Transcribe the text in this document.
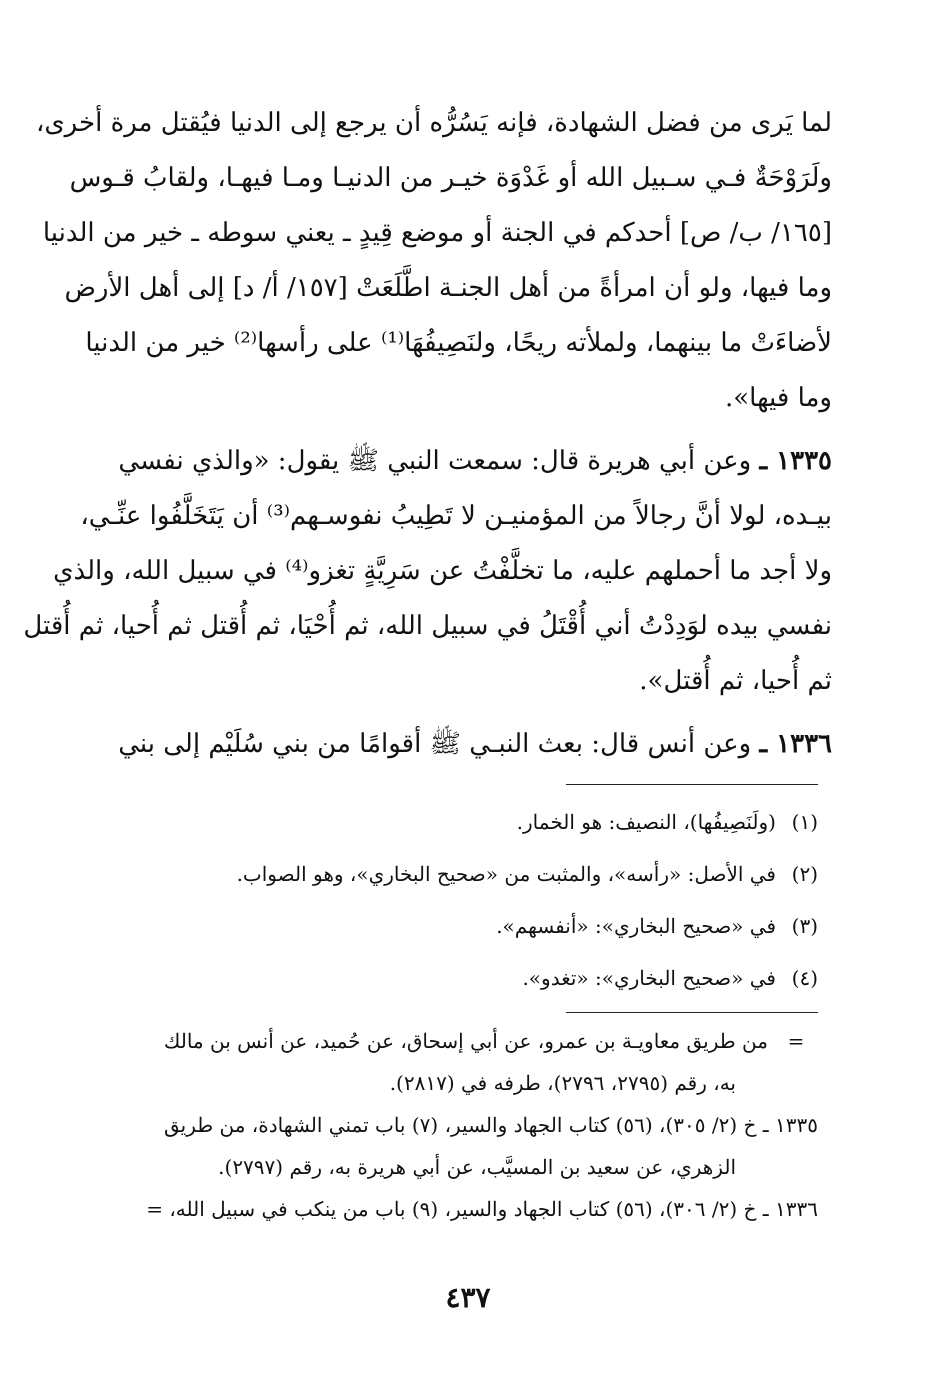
لما يَرى من فضل الشهادة، فإنه يَسُرُّه أن يرجع إلى الدنيا فيُقتل مرة أخرى،
ولَرَوْحَةٌ فـي سـبيل الله أو غَدْوَة خيـر من الدنيـا ومـا فيهـا، ولقابُ قـوس
[١٦٥/ ب/ ص] أحدكم في الجنة أو موضع قِيدٍ ـ يعني سوطه ـ خير من الدنيا
وما فيها، ولو أن امرأةً من أهل الجنـة اطَّلَعَتْ [١٥٧/ أ/ د] إلى أهل الأرض
لأضاءَتْ ما بينهما، ولملأته ريحًا، ولنَصِيفُهَا⁽¹⁾ على رأسها⁽²⁾ خير من الدنيا
وما فيها».
١٣٣٥ ـ وعن أبي هريرة قال: سمعت النبي ﷺ يقول: «والذي نفسي
بيـده، لولا أنَّ رجالاً من المؤمنيـن لا تَطِيبُ نفوسـهم⁽³⁾ أن يَتَخَلَّفُوا عنِّـي،
ولا أجد ما أحملهم عليه، ما تخلَّفْتُ عن سَرِيَّةٍ تغزو⁽⁴⁾ في سبيل الله، والذي
نفسي بيده لوَدِدْتُ أني أُقْتَلُ في سبيل الله، ثم أُحْيَا، ثم أُقتل ثم أُحيا، ثم أُقتل
ثم أُحيا، ثم أُقتل».
١٣٣٦ ـ وعن أنس قال: بعث النبـي ﷺ أقوامًا من بني سُلَيْم إلى بني
(١)(ولَنَصِيفُها)، النصيف: هو الخمار.
(٢)في الأصل: «رأسه»، والمثبت من «صحيح البخاري»، وهو الصواب.
(٣)في «صحيح البخاري»: «أنفسهم».
(٤)في «صحيح البخاري»: «تغدو».
=من طريق معاويـة بن عمرو، عن أبي إسحاق، عن حُميد، عن أنس بن مالك
به، رقم (٢٧٩٥، ٢٧٩٦)، طرفه في (٢٨١٧).
١٣٣٥ ـ خ (٢/ ٣٠٥)، (٥٦) كتاب الجهاد والسير، (٧) باب تمني الشهادة، من طريق
الزهري، عن سعيد بن المسيَّب، عن أبي هريرة به، رقم (٢٧٩٧).
١٣٣٦ ـ خ (٢/ ٣٠٦)، (٥٦) كتاب الجهاد والسير، (٩) باب من ينكب في سبيل الله، =
٤٣٧
